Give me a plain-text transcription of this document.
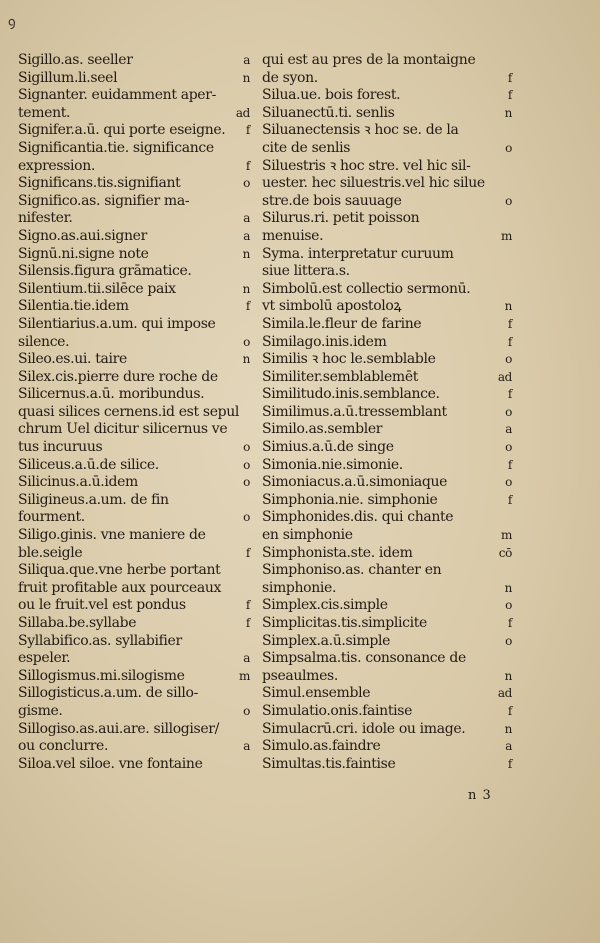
ꝯ
Sigillo.as. seeller	a
Sigillum.li.seel	n
Signanter. euidamment aper-
tement.	ad
Signifer.a.ū. qui porte eseigne. f
Significantia.tie. significance
expression.	f
Significans.tis.signifiant	o
Significo.as. signifier ma-
nifester.	a
Signo.as.aui.signer	a
Signū.ni.signe note	n
Silensis.figura grāmatice.
Silentium.tii.silēce paix	n
Silentia.tie.idem	f
Silentiarius.a.um. qui impose
silence.	o
Sileo.es.ui. taire	n
Silex.cis.pierre dure roche de
Silicernus.a.ū. moribundus.
quasi silices cernens.id est sepul
chrum Uel dicitur silicernus ve
tus incuruus	o
Siliceus.a.ū.de silice.	o
Silicinus.a.ū.idem	o
Siligineus.a.um. de fin
fourment.	o
Siligo.ginis. vne maniere de
ble.seigle	f
Siliqua.que.vne herbe portant
fruit profitable aux pourceaux
ou le fruit.vel est pondus	f
Sillaba.be.syllabe	f
Syllabifico.as. syllabifier
espeler.	a
Sillogismus.mi.silogisme	m
Sillogisticus.a.um. de sillo-
gisme.	o
Sillogiso.as.aui.are. sillogiser/
ou conclurre.	a
Siloa.vel siloe. vne fontaine
qui est au pres de la montaigne
de syon.	f
Silua.ue. bois forest.	f
Siluanectū.ti. senlis	n
Siluanectensis ꝛ hoc se. de la
cite de senlis	o
Siluestris ꝛ hoc stre. vel hic sil-
uester. hec siluestris.vel hic silue
stre.de bois sauuage	o
Silurus.ri. petit poisson
menuise.	m
Syma. interpretatur curuum
siue littera.s.
Simbolū.est collectio sermonū.
vt simbolū apostoloꝝ	n
Simila.le.fleur de farine	f
Similago.inis.idem	f
Similis ꝛ hoc le.semblable	o
Similiter.semblablemēt	ad
Similitudo.inis.semblance.	f
Similimus.a.ū.tressemblant	o
Similo.as.sembler	a
Simius.a.ū.de singe	o
Simonia.nie.simonie.	f
Simoniacus.a.ū.simoniaque	o
Simphonia.nie. simphonie	f
Simphonides.dis. qui chante
en simphonie	m
Simphonista.ste. idem	cō
Simphoniso.as. chanter en
simphonie.	n
Simplex.cis.simple	o
Simplicitas.tis.simplicite	f
Simplex.a.ū.simple	o
Simpsalma.tis. consonance de
pseaulmes.	n
Simul.ensemble	ad
Simulatio.onis.faintise	f
Simulacrū.cri. idole ou image.	n
Simulo.as.faindre	a
Simultas.tis.faintise	f
n 3
